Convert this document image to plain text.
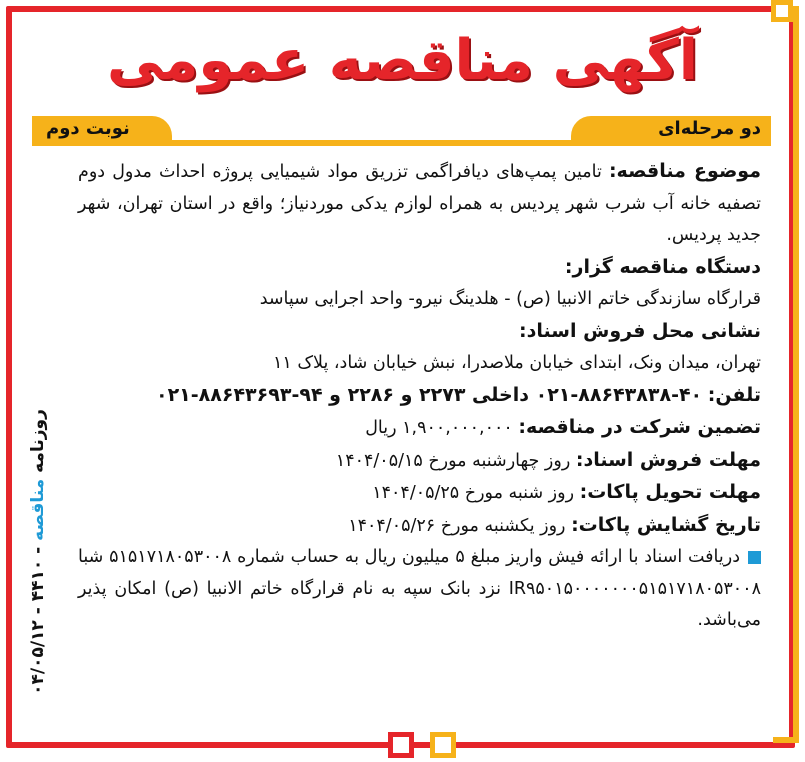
آگهی مناقصه عمومی
نوبت دوم	دو مرحله‌ای

موضوع مناقصه: تامین پمپ‌های دیافراگمی تزریق مواد شیمیایی پروژه احداث مدول دوم تصفیه خانه آب شرب شهر پردیس به همراه لوازم یدکی موردنیاز؛ واقع در استان تهران، شهر جدید پردیس.

دستگاه مناقصه گزار:

قرارگاه سازندگی خاتم الانبیا (ص) - هلدینگ نیرو- واحد اجرایی سپاسد

نشانی محل فروش اسناد:

تهران، میدان ونک، ابتدای خیابان ملاصدرا، نبش خیابان شاد، پلاک ۱۱

تلفن: ۴۰-۸۸۶۴۳۸۳۸-۰۲۱ داخلی ۲۲۷۳ و ۲۲۸۶ و ۹۴-۸۸۶۴۳۶۹۳-۰۲۱

تضمین شرکت در مناقصه: ۱,۹۰۰,۰۰۰,۰۰۰ ریال

مهلت فروش اسناد: روز چهارشنبه مورخ ۱۴۰۴/۰۵/۱۵

مهلت تحویل پاکات: روز شنبه مورخ ۱۴۰۴/۰۵/۲۵

تاریخ گشایش پاکات: روز یکشنبه مورخ ۱۴۰۴/۰۵/۲۶

دریافت اسناد با ارائه فیش واریز مبلغ ۵ میلیون ریال به حساب شماره ۵۱۵۱۷۱۸۰۵۳۰۰۸ شبا IR۹۵۰۱۵۰۰۰۰۰۰۰۵۱۵۱۷۱۸۰۵۳۰۰۸ نزد بانک سپه به نام قرارگاه خاتم الانبیا (ص) امکان پذیر می‌باشد.

روزنامه مناقصه - ۴۴۱۰ - ۰۴/۰۵/۱۲
